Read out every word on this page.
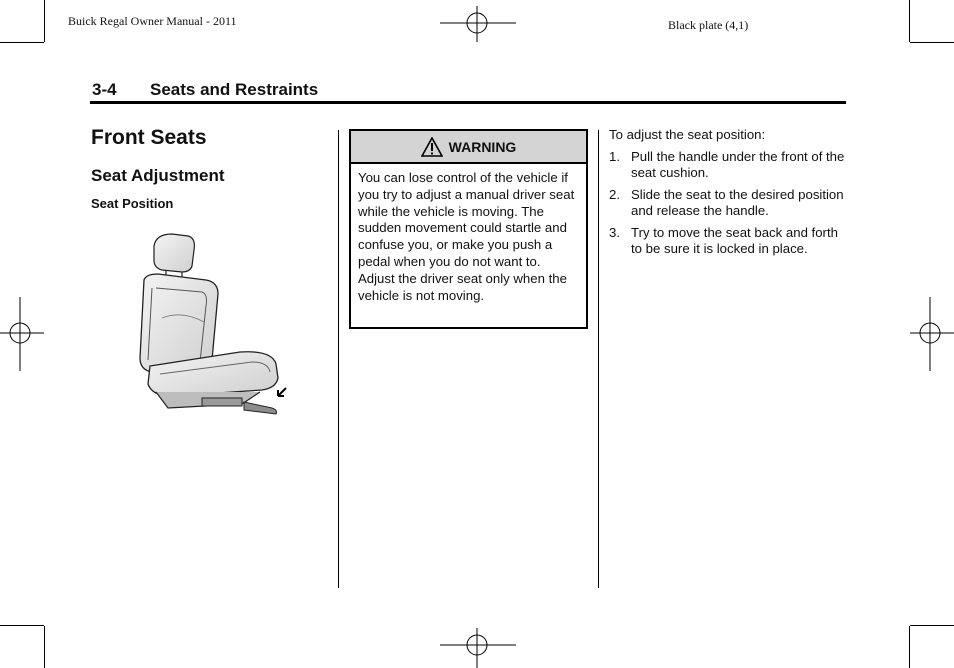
Buick Regal Owner Manual - 2011	Black plate (4,1)
3-4 Seats and Restraints
Front Seats
Seat Adjustment
Seat Position
WARNING
You can lose control of the vehicle if you try to adjust a manual driver seat while the vehicle is moving. The sudden movement could startle and confuse you, or make you push a pedal when you do not want to. Adjust the driver seat only when the vehicle is not moving.
To adjust the seat position:
1. Pull the handle under the front of the seat cushion.
2. Slide the seat to the desired position and release the handle.
3. Try to move the seat back and forth to be sure it is locked in place.
